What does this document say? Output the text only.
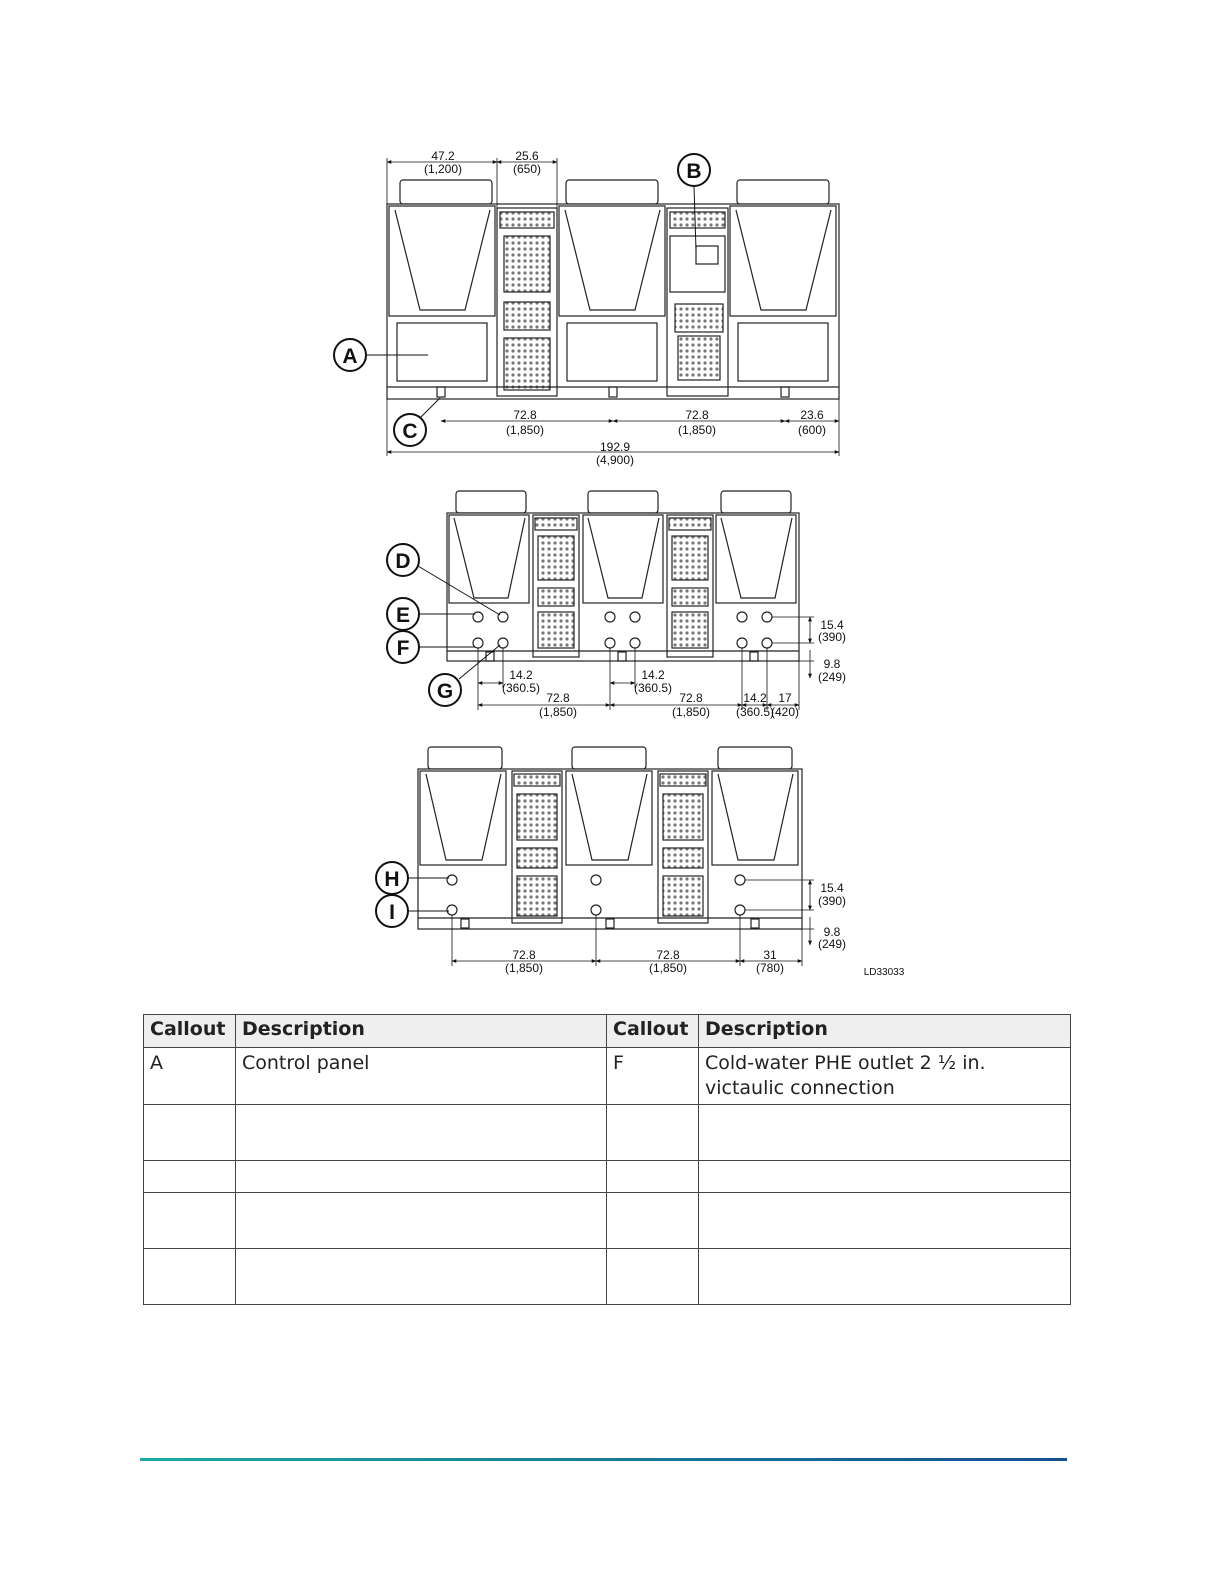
47.2
(1,200)
25.6
(650)
72.8
(1,850)
72.8
(1,850)
23.6
(600)
192.9
(4,900)
14.2
(360.5)
14.2
(360.5)
72.8
(1,850)
72.8
(1,850)
14.2
(360.5)
17
(420)
15.4
(390)
9.8
(249)
72.8
(1,850)
72.8
(1,850)
31
(780)
15.4
(390)
9.8
(249)
LD33033
A
B
C
D
E
F
G
H
I
Callout	Description	Callout	Description
A	Control panel	F	Cold-water PHE outlet 2 ½ in. victaulic connection
